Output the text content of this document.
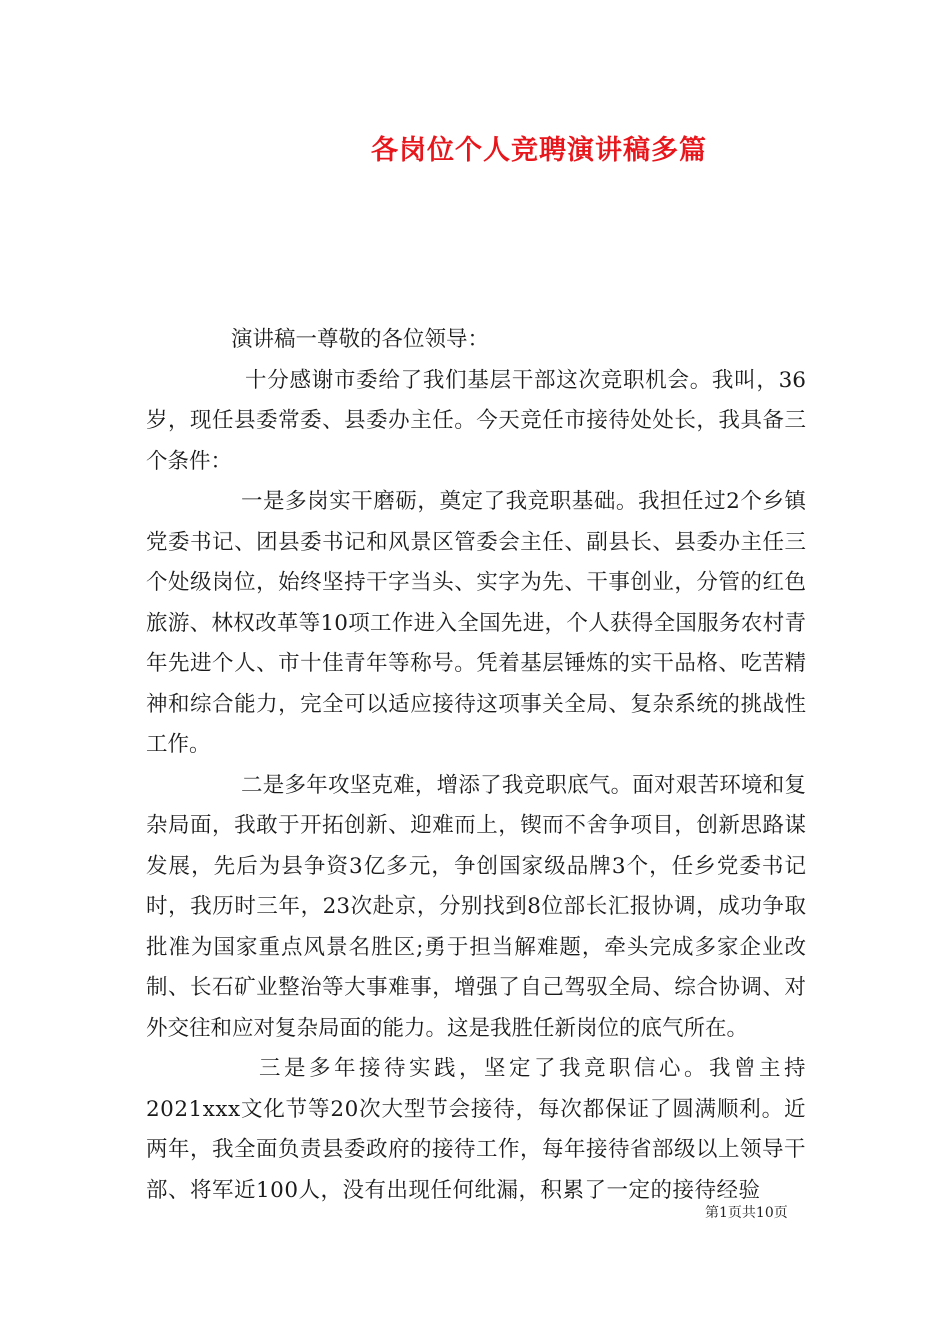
各岗位个人竞聘演讲稿多篇

演讲稿一尊敬的各位领导：

十分感谢市委给了我们基层干部这次竞职机会。我叫，36岁，现任县委常委、县委办主任。今天竞任市接待处处长，我具备三个条件：

一是多岗实干磨砺，奠定了我竞职基础。我担任过2个乡镇党委书记、团县委书记和风景区管委会主任、副县长、县委办主任三个处级岗位，始终坚持干字当头、实字为先、干事创业，分管的红色旅游、林权改革等10项工作进入全国先进，个人获得全国服务农村青年先进个人、市十佳青年等称号。凭着基层锤炼的实干品格、吃苦精神和综合能力，完全可以适应接待这项事关全局、复杂系统的挑战性工作。

二是多年攻坚克难，增添了我竞职底气。面对艰苦环境和复杂局面，我敢于开拓创新、迎难而上，锲而不舍争项目，创新思路谋发展，先后为县争资3亿多元，争创国家级品牌3个，任乡党委书记时，我历时三年，23次赴京，分别找到8位部长汇报协调，成功争取批准为国家重点风景名胜区;勇于担当解难题，牵头完成多家企业改制、长石矿业整治等大事难事，增强了自己驾驭全局、综合协调、对外交往和应对复杂局面的能力。这是我胜任新岗位的底气所在。

三是多年接待实践，坚定了我竞职信心。我曾主持2021xxx文化节等20次大型节会接待，每次都保证了圆满顺利。近两年，我全面负责县委政府的接待工作，每年接待省部级以上领导干部、将军近100人，没有出现任何纰漏，积累了一定的接待经验

第1页共10页
